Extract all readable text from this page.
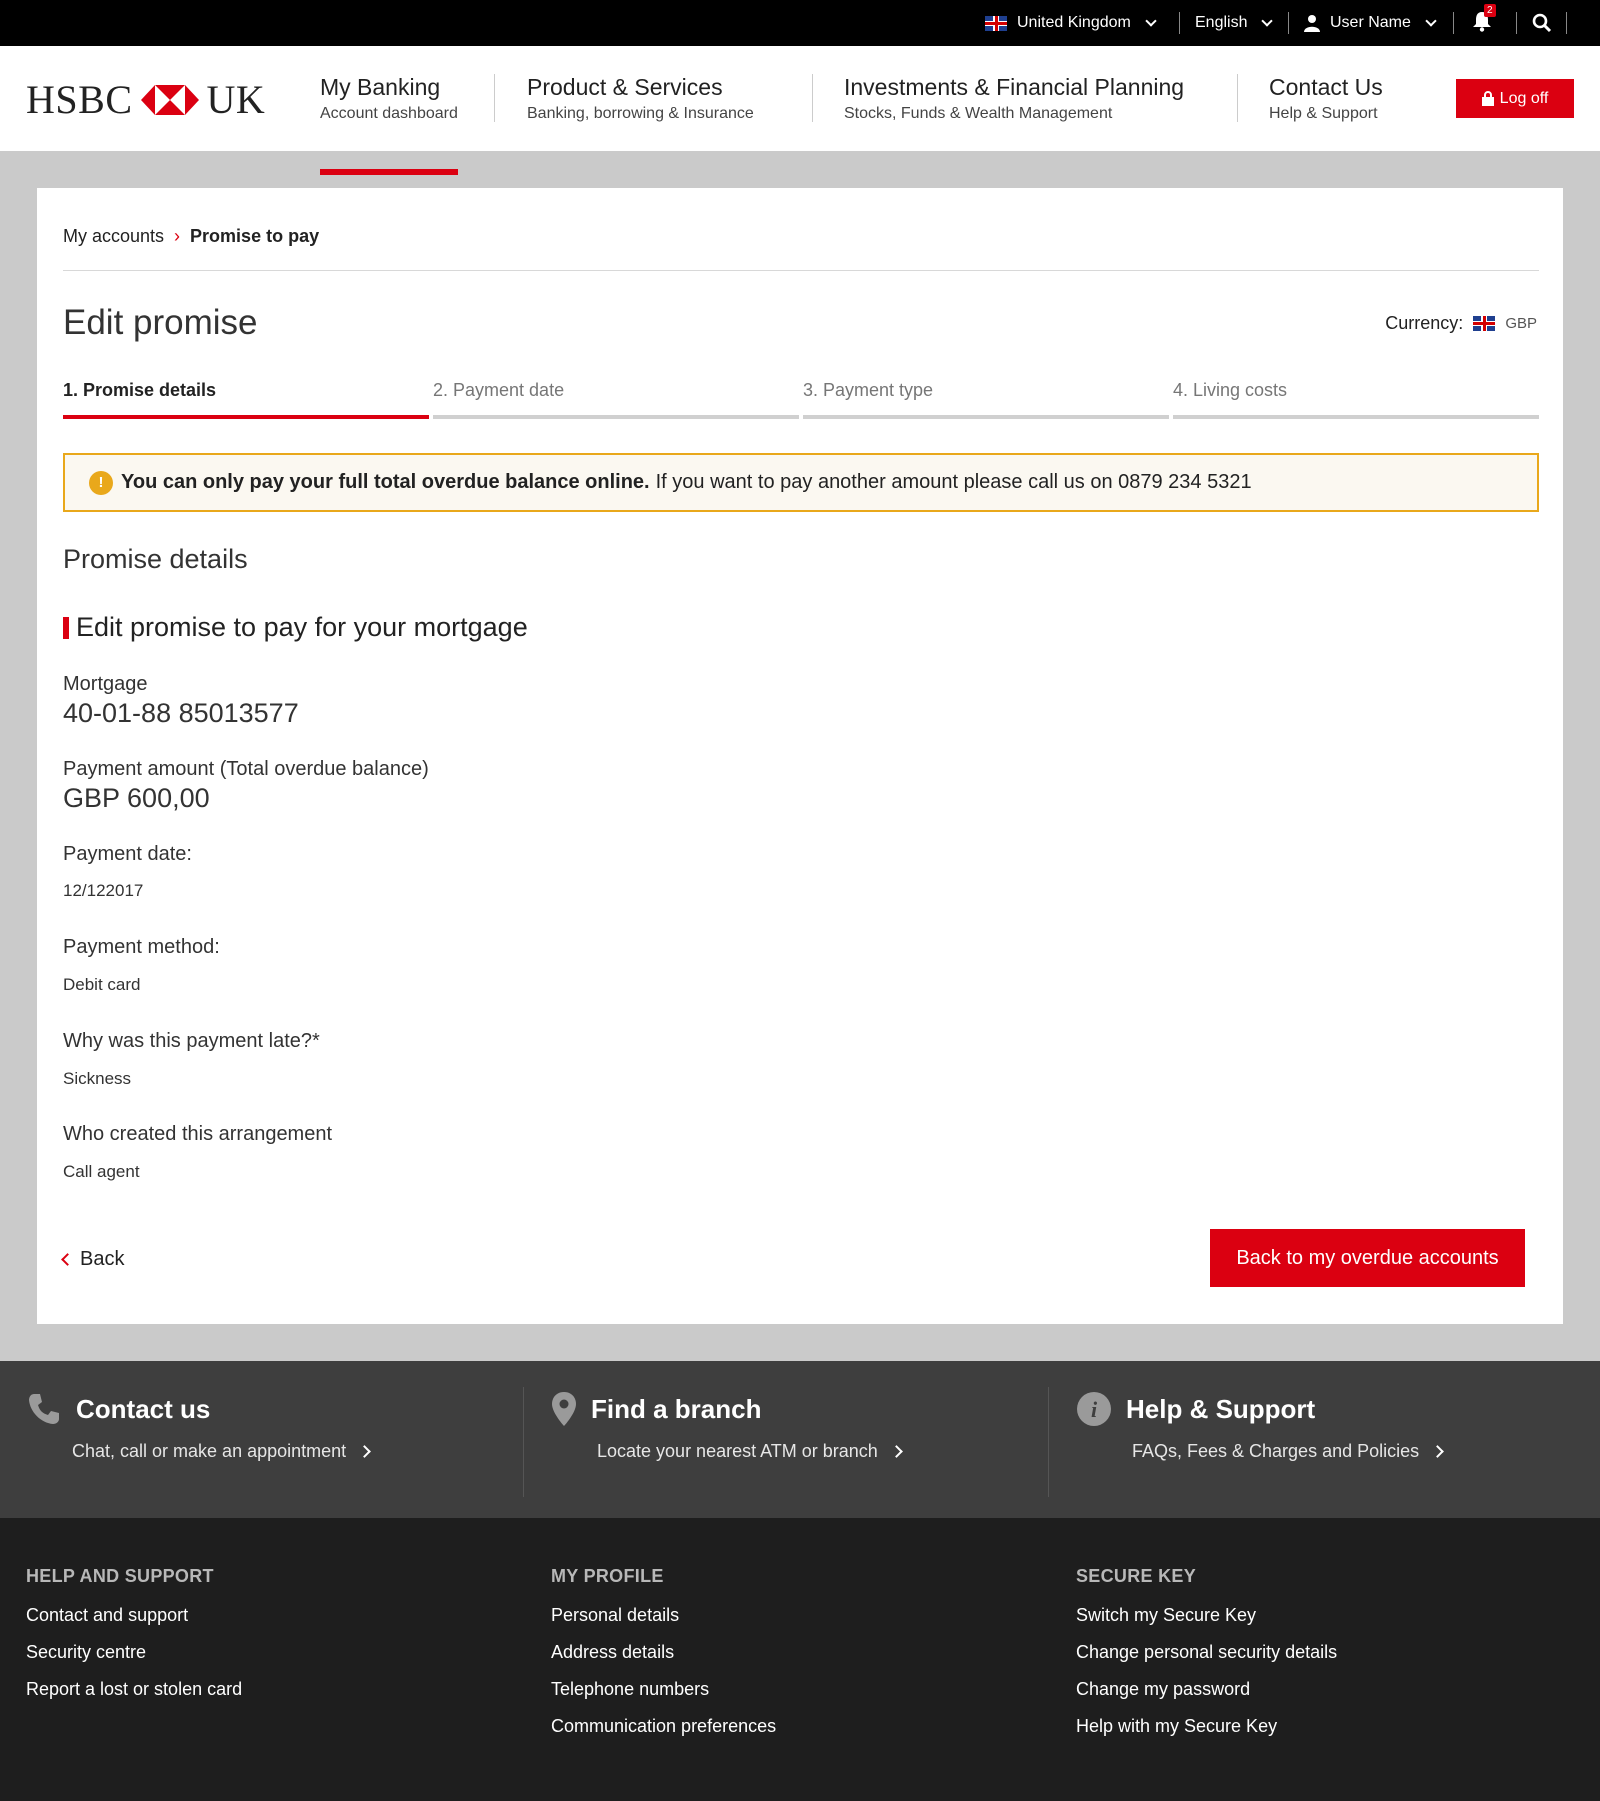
United Kingdom	English	User Name
2
HSBC UK My Banking
Account dashboard
Product & Services
Banking, borrowing & Insurance
Investments & Financial Planning
Stocks, Funds & Wealth Management
Contact Us
Help & Support
Log off
My accounts › Promise to pay
Edit promise	Currency:	GBP
1. Promise details	2. Payment date	3. Payment type	4. Living costs
! You can only pay your full total overdue balance online. If you want to pay another amount please call us on 0879 234 5321
Promise details
Edit promise to pay for your mortgage
Mortgage
40-01-88 85013577
Payment amount (Total overdue balance)
GBP 600,00
Payment date:
12/122017
Payment method:
Debit card
Why was this payment late?*
Sickness
Who created this arrangement
Call agent
Back	Back to my overdue accounts
Contact us
Chat, call or make an appointment
Find a branch
Locate your nearest ATM or branch
i Help & Support
FAQs, Fees & Charges and Policies
HELP AND SUPPORT
Contact and support
Security centre
Report a lost or stolen card
MY PROFILE
Personal details
Address details
Telephone numbers
Communication preferences
SECURE KEY
Switch my Secure Key
Change personal security details
Change my password
Help with my Secure Key
